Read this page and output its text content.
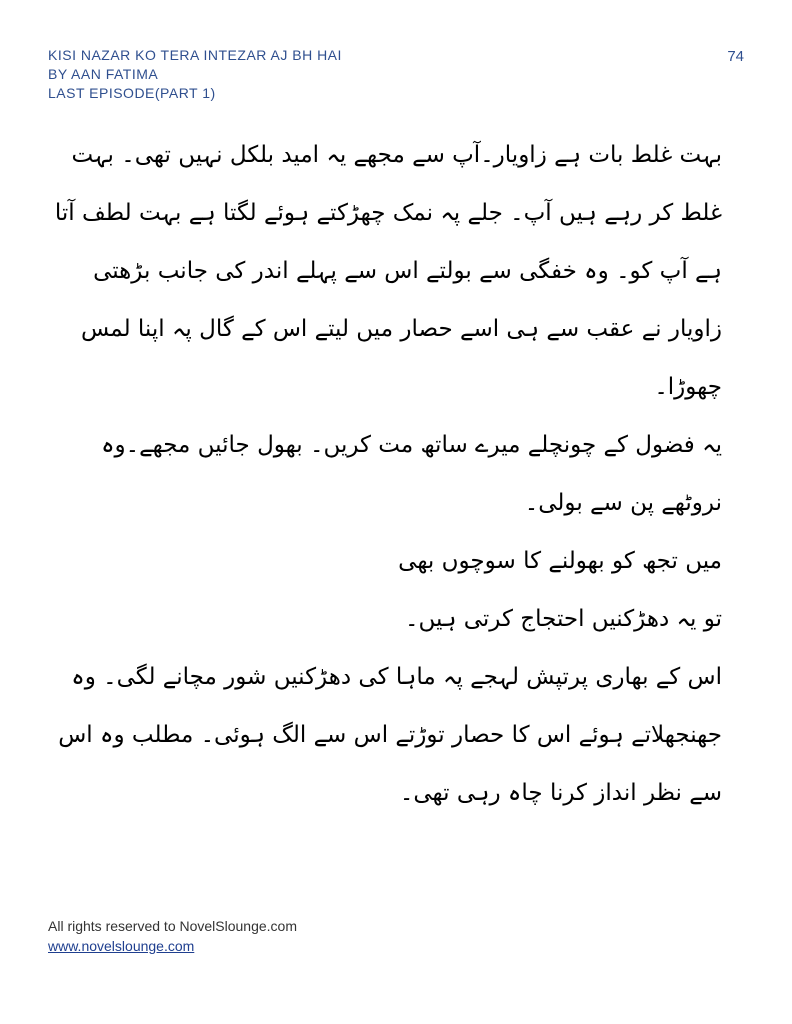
KISI NAZAR KO TERA INTEZAR AJ BH HAI
BY AAN FATIMA
LAST EPISODE(PART 1)
74

بہت غلط بات ہے زاویار۔آپ سے مجھے یہ امید بلکل نہیں تھی۔ بہت غلط کر رہے ہیں آپ۔ جلے پہ نمک چھڑکتے ہوئے لگتا ہے بہت لطف آتا ہے آپ کو۔ وہ خفگی سے بولتے اس سے پہلے اندر کی جانب بڑھتی زاویار نے عقب سے ہی اسے حصار میں لیتے اس کے گال پہ اپنا لمس چھوڑا۔

یہ فضول کے چونچلے میرے ساتھ مت کریں۔ بھول جائیں مجھے۔وہ نروٹھے پن سے بولی۔

میں تجھ کو بھولنے کا سوچوں بھی

تو یہ دھڑکنیں احتجاج کرتی ہیں۔

اس کے بھاری پرتپش لہجے پہ ماہا کی دھڑکنیں شور مچانے لگی۔ وہ جھنجھلاتے ہوئے اس کا حصار توڑتے اس سے الگ ہوئی۔ مطلب وہ اس سے نظر انداز کرنا چاہ رہی تھی۔

All rights reserved to NovelSlounge.com
www.novelslounge.com
